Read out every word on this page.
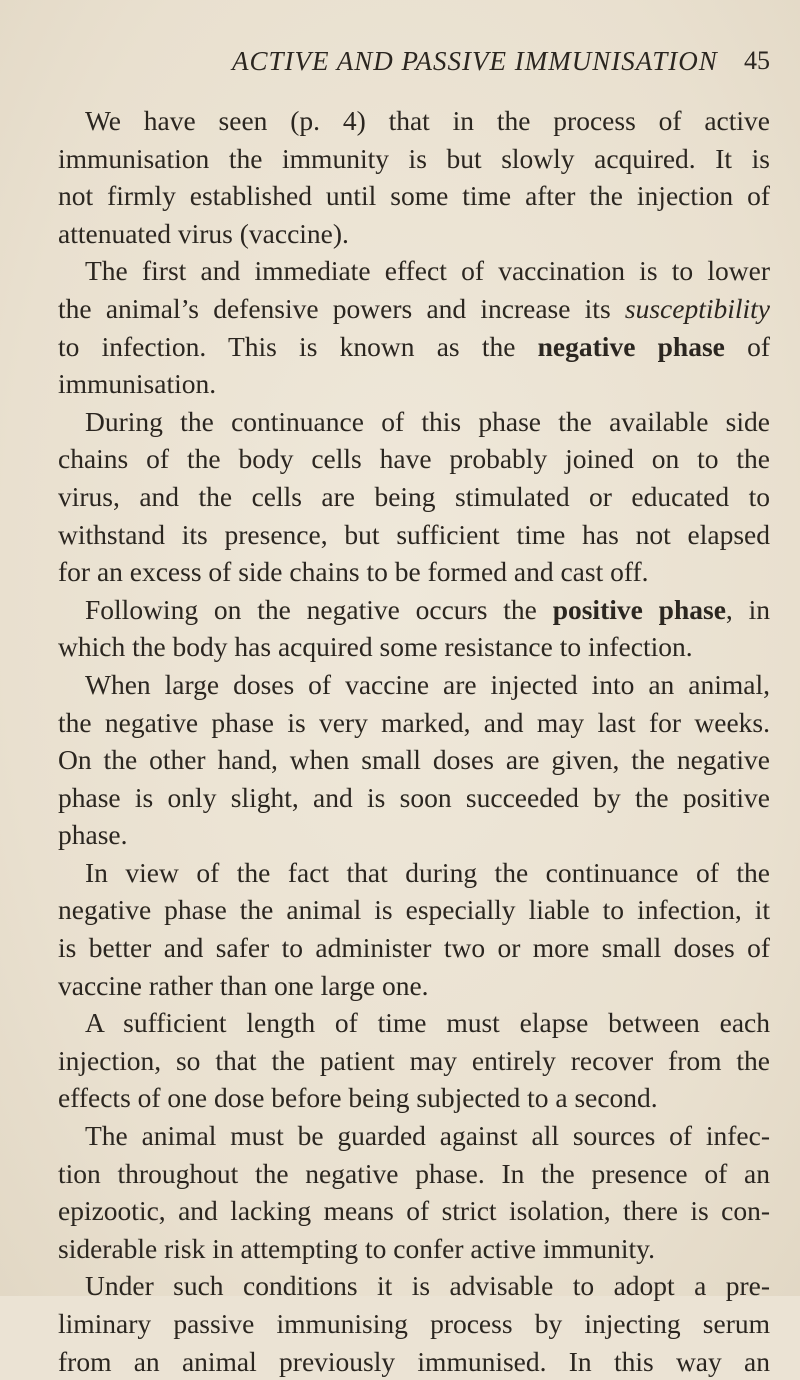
ACTIVE AND PASSIVE IMMUNISATION 45
We have seen (p. 4) that in the process of active
immunisation the immunity is but slowly acquired. It is
not firmly established until some time after the injection of
attenuated virus (vaccine).
The first and immediate effect of vaccination is to lower
the animal’s defensive powers and increase its susceptibility
to infection. This is known as the negative phase of
immunisation.
During the continuance of this phase the available side
chains of the body cells have probably joined on to the
virus, and the cells are being stimulated or educated to
withstand its presence, but sufficient time has not elapsed
for an excess of side chains to be formed and cast off.
Following on the negative occurs the positive phase, in
which the body has acquired some resistance to infection.
When large doses of vaccine are injected into an animal,
the negative phase is very marked, and may last for weeks.
On the other hand, when small doses are given, the negative
phase is only slight, and is soon succeeded by the positive
phase.
In view of the fact that during the continuance of the
negative phase the animal is especially liable to infection, it
is better and safer to administer two or more small doses of
vaccine rather than one large one.
A sufficient length of time must elapse between each
injection, so that the patient may entirely recover from the
effects of one dose before being subjected to a second.
The animal must be guarded against all sources of infec-
tion throughout the negative phase. In the presence of an
epizootic, and lacking means of strict isolation, there is con-
siderable risk in attempting to confer active immunity.
Under such conditions it is advisable to adopt a pre-
liminary passive immunising process by injecting serum
from an animal previously immunised. In this way an
